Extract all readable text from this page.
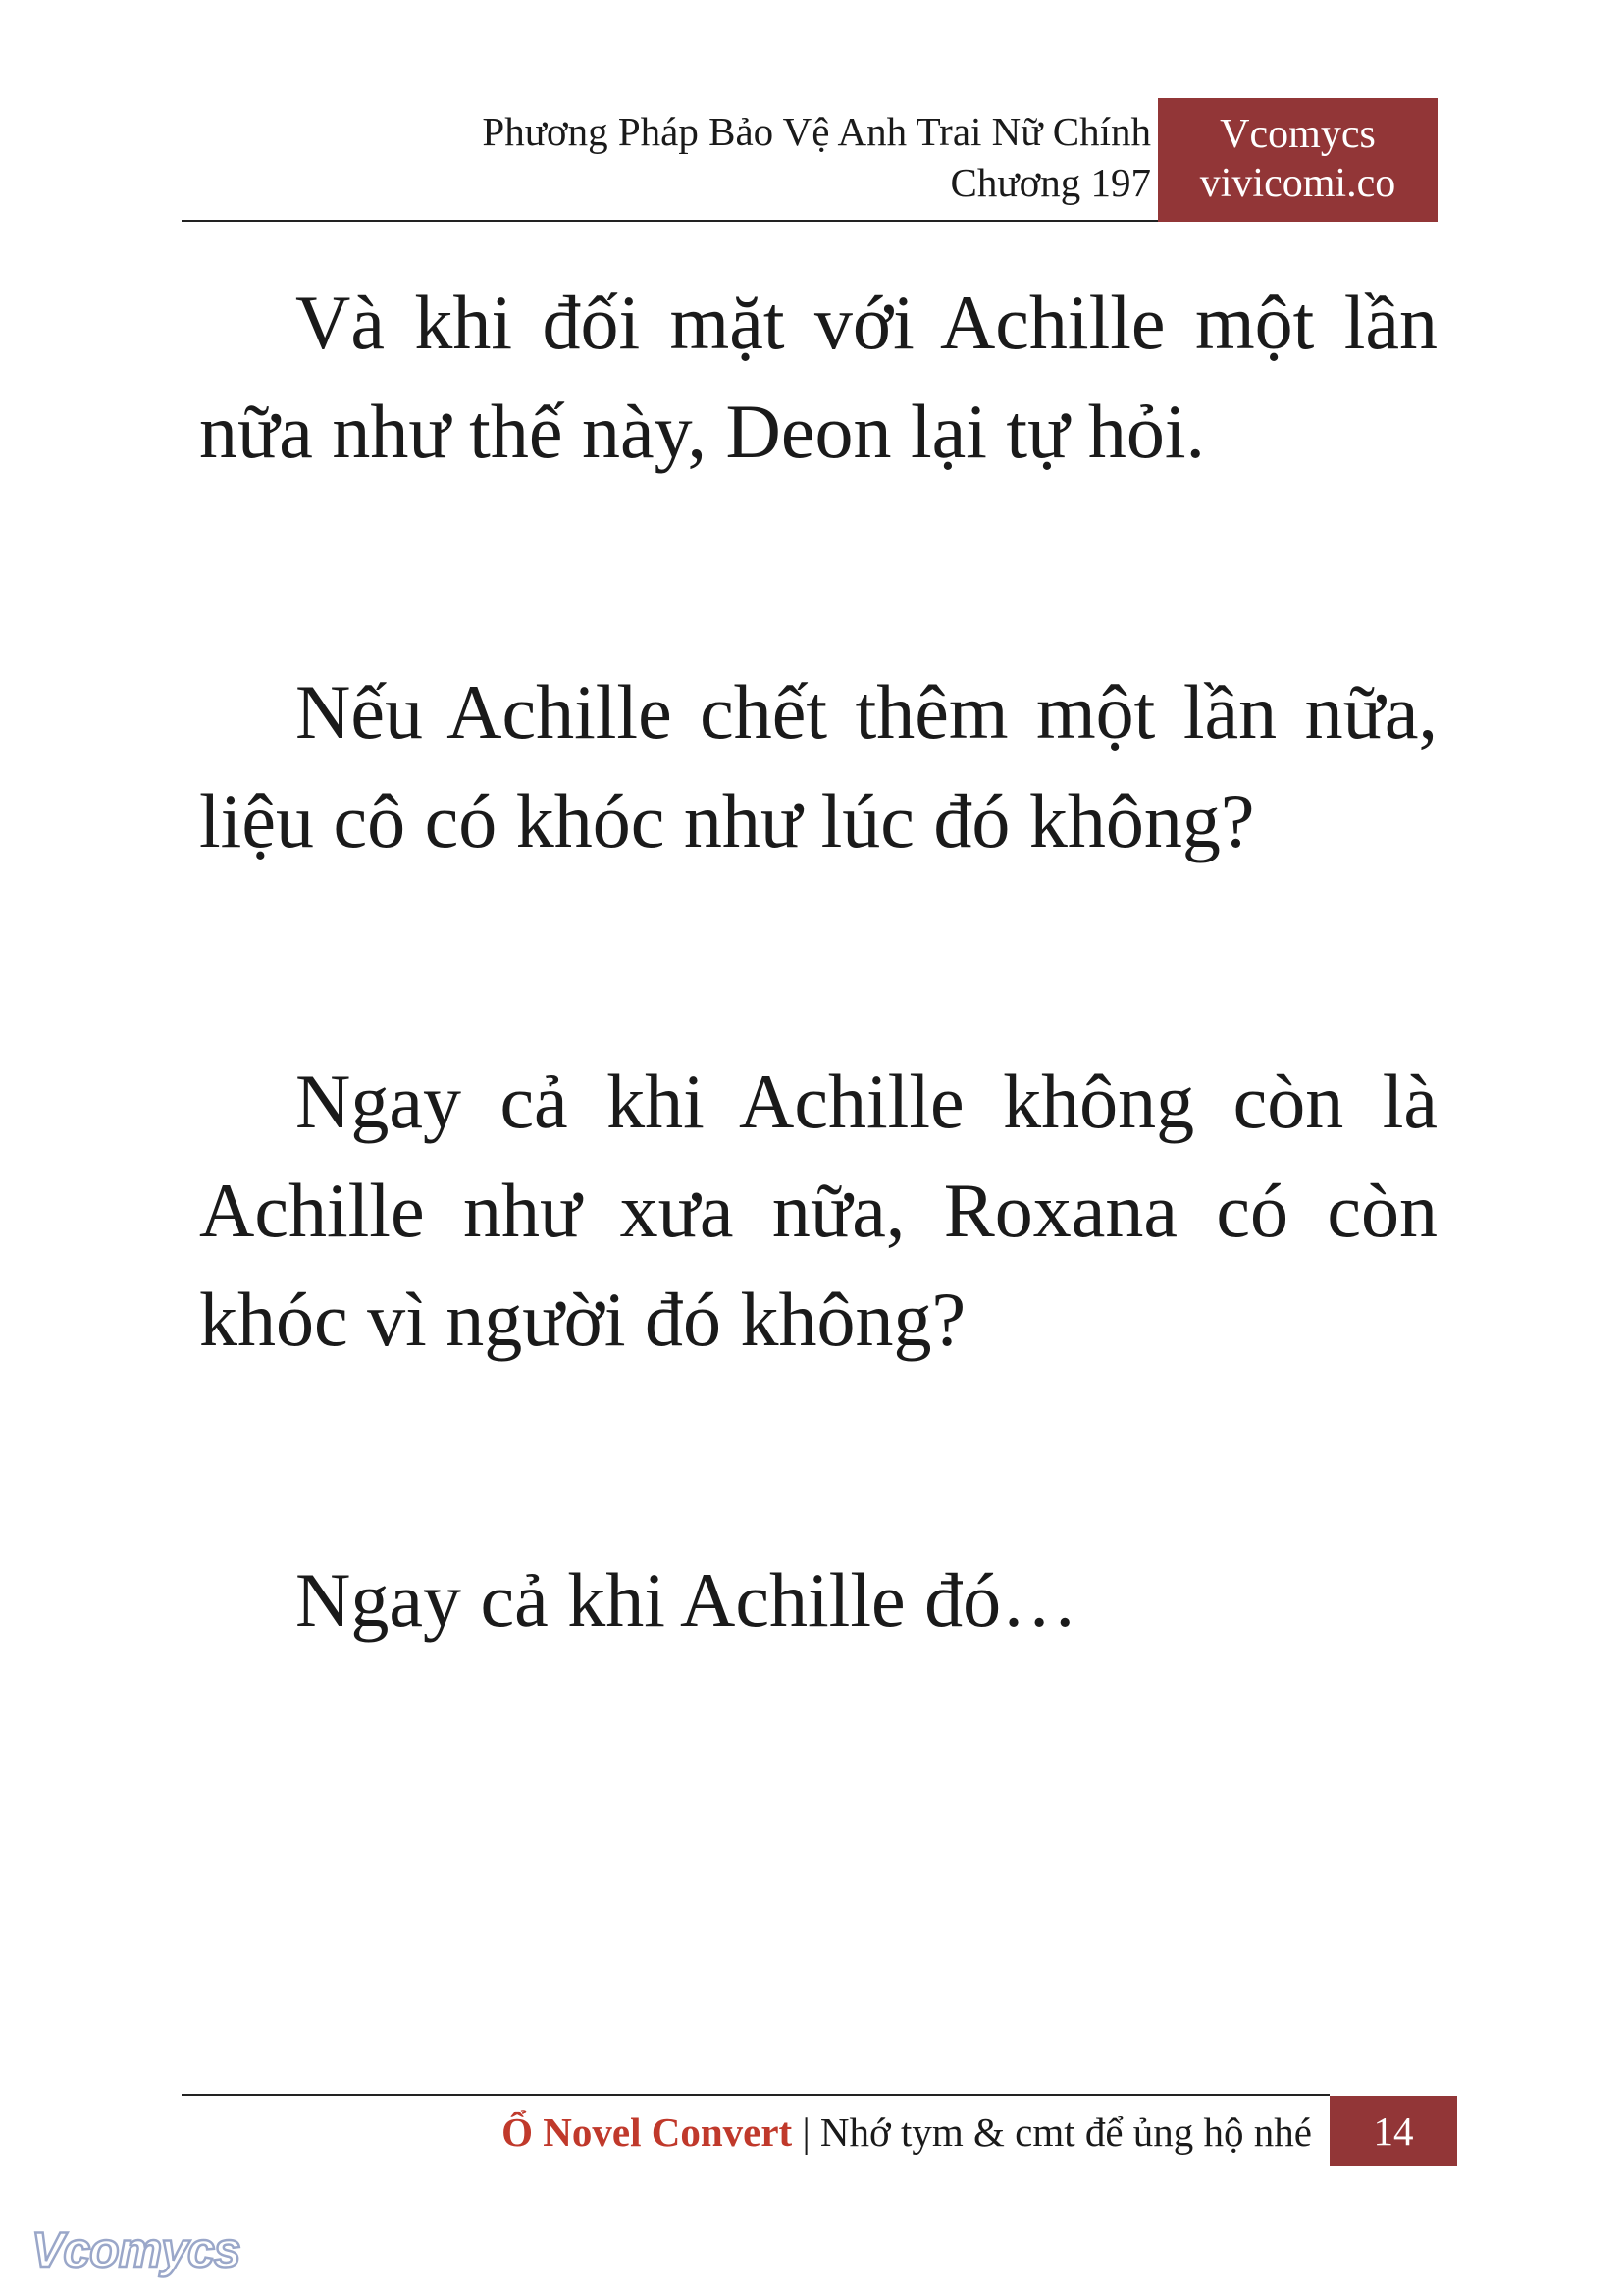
Phương Pháp Bảo Vệ Anh Trai Nữ Chính
Chương 197
Vcomycs
vivicomi.co

Và khi đối mặt với Achille một lần nữa như thế này, Deon lại tự hỏi.

Nếu Achille chết thêm một lần nữa, liệu cô có khóc như lúc đó không?

Ngay cả khi Achille không còn là Achille như xưa nữa, Roxana có còn khóc vì người đó không?

Ngay cả khi Achille đó…

Ổ Novel Convert | Nhớ tym & cmt để ủng hộ nhé	14
Vcomycs
